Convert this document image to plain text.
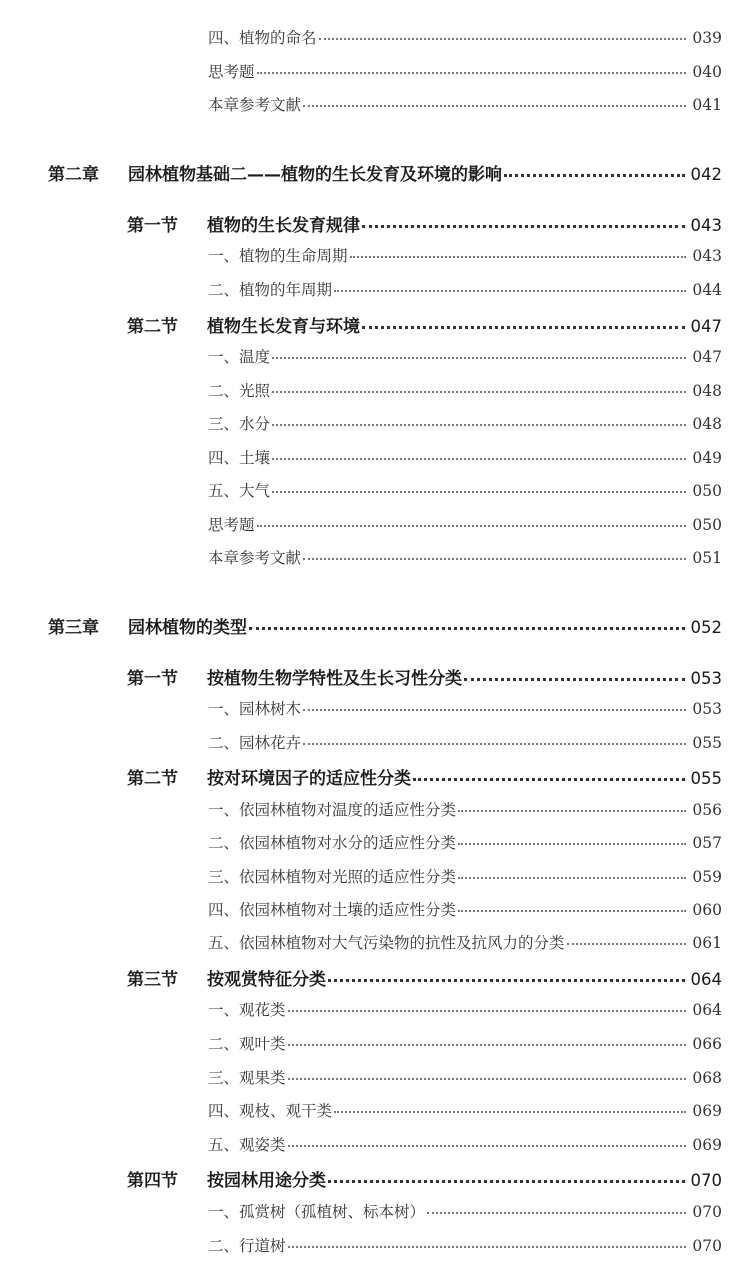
四、植物的命名	039
思考题	040
本章参考文献	041
第二章	园林植物基础二——植物的生长发育及环境的影响	042
第一节	植物的生长发育规律	043
一、植物的生命周期	043
二、植物的年周期	044
第二节	植物生长发育与环境	047
一、温度	047
二、光照	048
三、水分	048
四、土壤	049
五、大气	050
思考题	050
本章参考文献	051
第三章	园林植物的类型	052
第一节	按植物生物学特性及生长习性分类	053
一、园林树木	053
二、园林花卉	055
第二节	按对环境因子的适应性分类	055
一、依园林植物对温度的适应性分类	056
二、依园林植物对水分的适应性分类	057
三、依园林植物对光照的适应性分类	059
四、依园林植物对土壤的适应性分类	060
五、依园林植物对大气污染物的抗性及抗风力的分类	061
第三节	按观赏特征分类	064
一、观花类	064
二、观叶类	066
三、观果类	068
四、观枝、观干类	069
五、观姿类	069
第四节	按园林用途分类	070
一、孤赏树（孤植树、标本树）	070
二、行道树	070
